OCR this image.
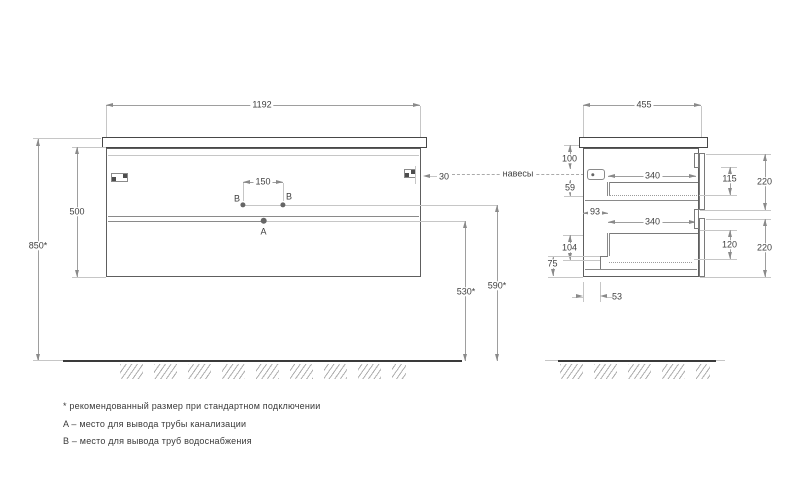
1192
30	навесы
150
B	B
A
500
850*
590*
530*
455
100
59
340
93
340
104
75
115 220
120 220
53
* рекомендованный размер при стандартном подключении
A – место для вывода трубы канализации
B – место для вывода труб водоснабжения
